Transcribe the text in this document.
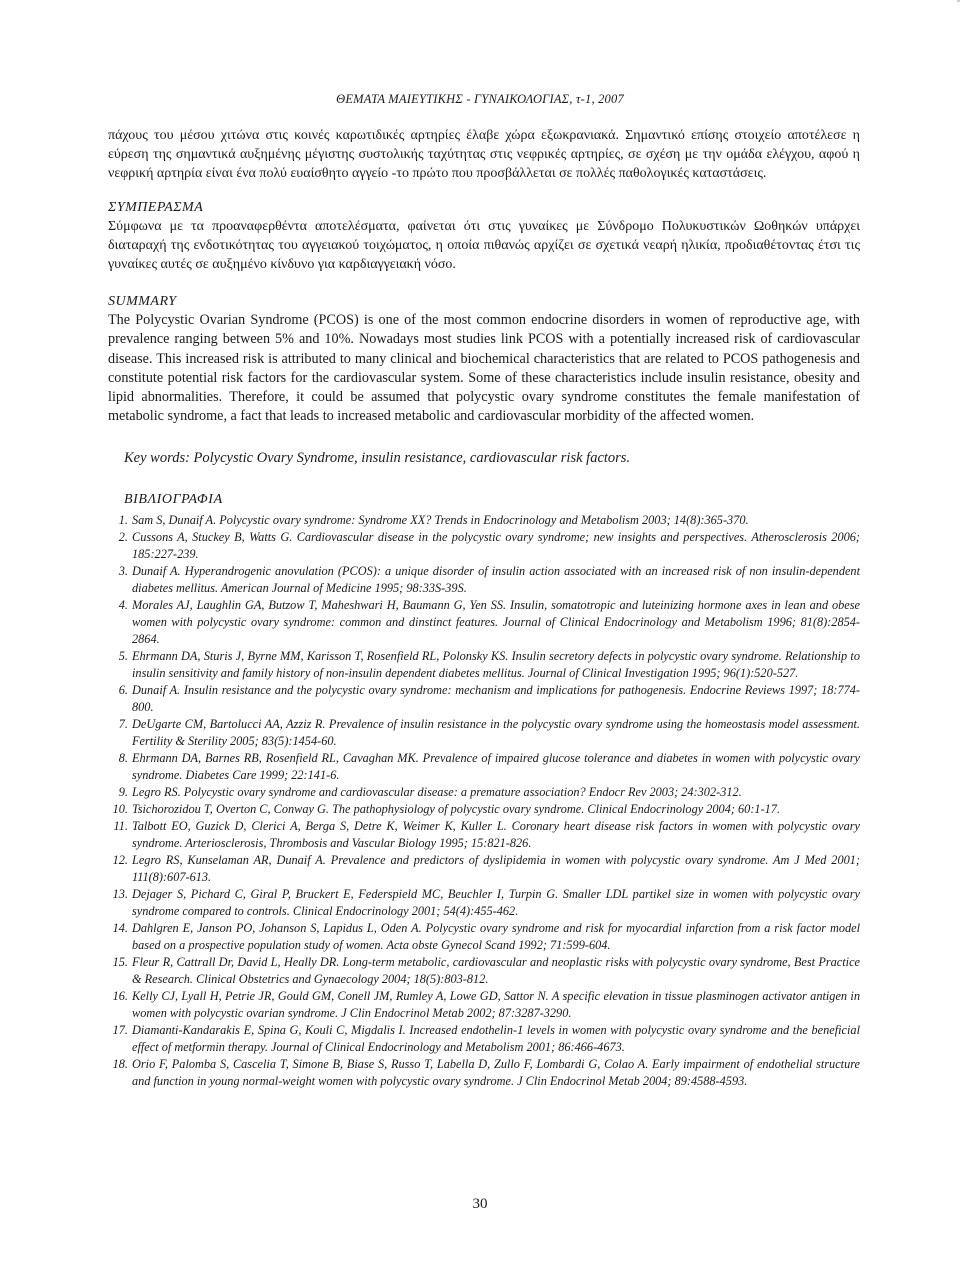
ΘΕΜΑΤΑ ΜΑΙΕΥΤΙΚΗΣ - ΓΥΝΑΙΚΟΛΟΓΙΑΣ, τ-1, 2007

πάχους του μέσου χιτώνα στις κοινές καρωτιδικές αρτηρίες έλαβε χώρα εξωκρανιακά. Σημαντικό επίσης στοιχείο αποτέλεσε η εύρεση της σημαντικά αυξημένης μέγιστης συστολικής ταχύτητας στις νεφρικές αρτηρίες, σε σχέση με την ομάδα ελέγχου, αφού η νεφρική αρτηρία είναι ένα πολύ ευαίσθητο αγγείο -το πρώτο που προσβάλλεται σε πολλές παθολογικές καταστάσεις.

ΣΥΜΠΕΡΑΣΜΑ

Σύμφωνα με τα προαναφερθέντα αποτελέσματα, φαίνεται ότι στις γυναίκες με Σύνδρομο Πολυκυστικών Ωοθηκών υπάρχει διαταραχή της ενδοτικότητας του αγγειακού τοιχώματος, η οποία πιθανώς αρχίζει σε σχετικά νεαρή ηλικία, προδιαθέτοντας έτσι τις γυναίκες αυτές σε αυξημένο κίνδυνο για καρδιαγγειακή νόσο.

SUMMARY

The Polycystic Ovarian Syndrome (PCOS) is one of the most common endocrine disorders in women of reproductive age, with prevalence ranging between 5% and 10%. Nowadays most studies link PCOS with a potentially increased risk of cardiovascular disease. This increased risk is attributed to many clinical and biochemical characteristics that are related to PCOS pathogenesis and constitute potential risk factors for the cardiovascular system. Some of these characteristics include insulin resistance, obesity and lipid abnormalities. Therefore, it could be assumed that polycystic ovary syndrome constitutes the female manifestation of metabolic syndrome, a fact that leads to increased metabolic and cardiovascular morbidity of the affected women.

Key words: Polycystic Ovary Syndrome, insulin resistance, cardiovascular risk factors.

ΒΙΒΛΙΟΓΡΑΦΙΑ

1. Sam S, Dunaif A. Polycystic ovary syndrome: Syndrome XX? Trends in Endocrinology and Metabolism 2003; 14(8):365-370.
2. Cussons A, Stuckey B, Watts G. Cardiovascular disease in the polycystic ovary syndrome; new insights and perspectives. Atherosclerosis 2006; 185:227-239.
3. Dunaif A. Hyperandrogenic anovulation (PCOS): a unique disorder of insulin action associated with an increased risk of non insulin-dependent diabetes mellitus. American Journal of Medicine 1995; 98:33S-39S.
4. Morales AJ, Laughlin GA, Butzow T, Maheshwari H, Baumann G, Yen SS. Insulin, somatotropic and luteinizing hormone axes in lean and obese women with polycystic ovary syndrome: common and dinstinct features. Journal of Clinical Endocrinology and Metabolism 1996; 81(8):2854-2864.
5. Ehrmann DA, Sturis J, Byrne MM, Karisson T, Rosenfield RL, Polonsky KS. Insulin secretory defects in polycystic ovary syndrome. Relationship to insulin sensitivity and family history of non-insulin dependent diabetes mellitus. Journal of Clinical Investigation 1995; 96(1):520-527.
6. Dunaif A. Insulin resistance and the polycystic ovary syndrome: mechanism and implications for pathogenesis. Endocrine Reviews 1997; 18:774-800.
7. DeUgarte CM, Bartolucci AA, Azziz R. Prevalence of insulin resistance in the polycystic ovary syndrome using the homeostasis model assessment. Fertility & Sterility 2005; 83(5):1454-60.
8. Ehrmann DA, Barnes RB, Rosenfield RL, Cavaghan MK. Prevalence of impaired glucose tolerance and diabetes in women with polycystic ovary syndrome. Diabetes Care 1999; 22:141-6.
9. Legro RS. Polycystic ovary syndrome and cardiovascular disease: a premature association? Endocr Rev 2003; 24:302-312.
10. Tsichorozidou T, Overton C, Conway G. The pathophysiology of polycystic ovary syndrome. Clinical Endocrinology 2004; 60:1-17.
11. Talbott EO, Guzick D, Clerici A, Berga S, Detre K, Weimer K, Kuller L. Coronary heart disease risk factors in women with polycystic ovary syndrome. Arteriosclerosis, Thrombosis and Vascular Biology 1995; 15:821-826.
12. Legro RS, Kunselaman AR, Dunaif A. Prevalence and predictors of dyslipidemia in women with polycystic ovary syndrome. Am J Med 2001; 111(8):607-613.
13. Dejager S, Pichard C, Giral P, Bruckert E, Federspield MC, Beuchler I, Turpin G. Smaller LDL partikel size in women with polycystic ovary syndrome compared to controls. Clinical Endocrinology 2001; 54(4):455-462.
14. Dahlgren E, Janson PO, Johanson S, Lapidus L, Oden A. Polycystic ovary syndrome and risk for myocardial infarction from a risk factor model based on a prospective population study of women. Acta obste Gynecol Scand 1992; 71:599-604.
15. Fleur R, Cattrall Dr, David L, Heally DR. Long-term metabolic, cardiovascular and neoplastic risks with polycystic ovary syndrome, Best Practice & Research. Clinical Obstetrics and Gynaecology 2004; 18(5):803-812.
16. Kelly CJ, Lyall H, Petrie JR, Gould GM, Conell JM, Rumley A, Lowe GD, Sattor N. A specific elevation in tissue plasminogen activator antigen in women with polycystic ovarian syndrome. J Clin Endocrinol Metab 2002; 87:3287-3290.
17. Diamanti-Kandarakis E, Spina G, Kouli C, Migdalis I. Increased endothelin-1 levels in women with polycystic ovary syndrome and the beneficial effect of metformin therapy. Journal of Clinical Endocrinology and Metabolism 2001; 86:466-4673.
18. Orio F, Palomba S, Cascelia T, Simone B, Biase S, Russo T, Labella D, Zullo F, Lombardi G, Colao A. Early impairment of endothelial structure and function in young normal-weight women with polycystic ovary syndrome. J Clin Endocrinol Metab 2004; 89:4588-4593.
30
